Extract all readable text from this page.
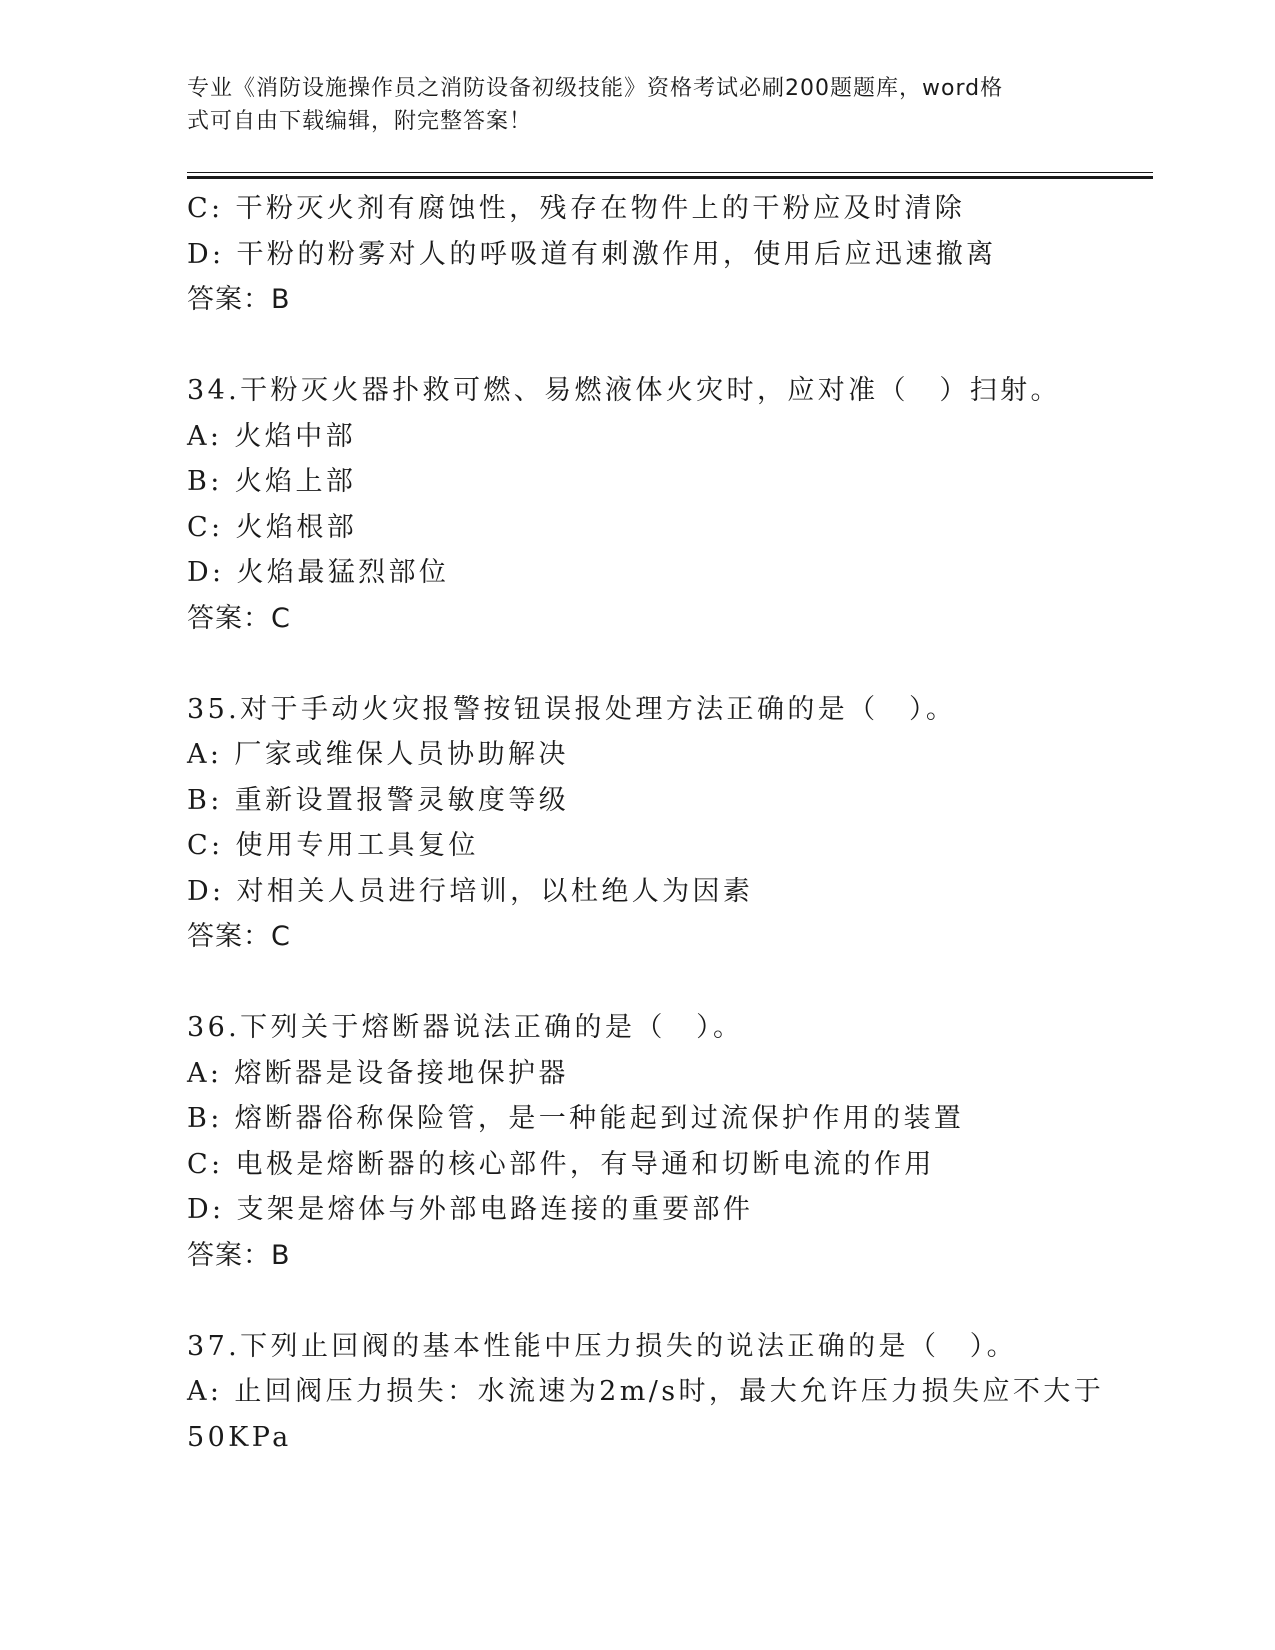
专业《消防设施操作员之消防设备初级技能》资格考试必刷200题题库，word格
式可自由下载编辑，附完整答案！
C: 干粉灭火剂有腐蚀性，残存在物件上的干粉应及时清除
D: 干粉的粉雾对人的呼吸道有刺激作用，使用后应迅速撤离
答案：B
34.干粉灭火器扑救可燃、易燃液体火灾时，应对准（　）扫射。
A: 火焰中部
B: 火焰上部
C: 火焰根部
D: 火焰最猛烈部位
答案：C
35.对于手动火灾报警按钮误报处理方法正确的是（　）。
A: 厂家或维保人员协助解决
B: 重新设置报警灵敏度等级
C: 使用专用工具复位
D: 对相关人员进行培训，以杜绝人为因素
答案：C
36.下列关于熔断器说法正确的是（　）。
A: 熔断器是设备接地保护器
B: 熔断器俗称保险管，是一种能起到过流保护作用的装置
C: 电极是熔断器的核心部件，有导通和切断电流的作用
D: 支架是熔体与外部电路连接的重要部件
答案：B
37.下列止回阀的基本性能中压力损失的说法正确的是（　）。
A: 止回阀压力损失：水流速为2m/s时，最大允许压力损失应不大于
50KPa
